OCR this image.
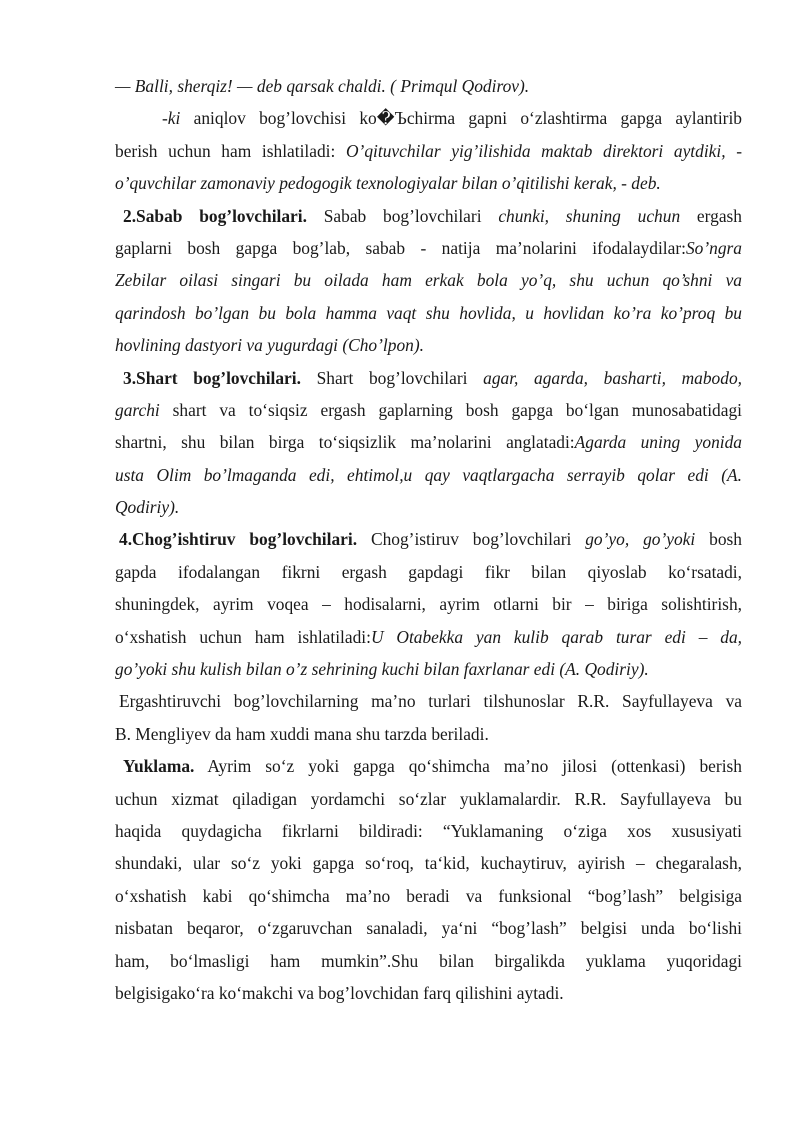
— Balli, sherqiz! — deb qarsak chaldi. ( Primqul Qodirov).
-ki aniqlov bog’lovchisi ko�Ъchirma gapni o‘zlashtirma gapga aylantirib
berish uchun ham ishlatiladi: O’qituvchilar yig’ilishida maktab direktori aytdiki, -
o’quvchilar zamonaviy pedogogik texnologiyalar bilan o’qitilishi kerak, - deb.
2.Sabab bog’lovchilari. Sabab bog’lovchilari chunki, shuning uchun ergash
gaplarni bosh gapga bog’lab, sabab - natija ma’nolarini ifodalaydilar:So’ngra
Zebilar oilasi singari bu oilada ham erkak bola yo’q, shu uchun qo’shni va
qarindosh bo’lgan bu bola hamma vaqt shu hovlida, u hovlidan ko’ra ko’proq bu
hovlining dastyori va yugurdagi (Cho’lpon).
3.Shart bog’lovchilari. Shart bog’lovchilari agar, agarda, basharti, mabodo,
garchi shart va to‘siqsiz ergash gaplarning bosh gapga bo‘lgan munosabatidagi
shartni, shu bilan birga to‘siqsizlik ma’nolarini anglatadi:Agarda uning yonida
usta Olim bo’lmaganda edi, ehtimol,u qay vaqtlargacha serrayib qolar edi (A.
Qodiriy).
4.Chog’ishtiruv bog’lovchilari. Chog’istiruv bog’lovchilari go’yo, go’yoki bosh
gapda ifodalangan fikrni ergash gapdagi fikr bilan qiyoslab ko‘rsatadi,
shuningdek, ayrim voqea – hodisalarni, ayrim otlarni bir – biriga solishtirish,
o‘xshatish uchun ham ishlatiladi:U Otabekka yan kulib qarab turar edi – da,
go’yoki shu kulish bilan o’z sehrining kuchi bilan faxrlanar edi (A. Qodiriy).
Ergashtiruvchi bog’lovchilarning ma’no turlari tilshunoslar R.R. Sayfullayeva va
B. Mengliyev da ham xuddi mana shu tarzda beriladi.
Yuklama. Ayrim so‘z yoki gapga qo‘shimcha ma’no jilosi (ottenkasi) berish
uchun xizmat qiladigan yordamchi so‘zlar yuklamalardir. R.R. Sayfullayeva bu
haqida quydagicha fikrlarni bildiradi: “Yuklamaning o‘ziga xos xususiyati
shundaki, ular so‘z yoki gapga so‘roq, ta‘kid, kuchaytiruv, ayirish – chegaralash,
o‘xshatish kabi qo‘shimcha ma’no beradi va funksional “bog’lash” belgisiga
nisbatan beqaror, o‘zgaruvchan sanaladi, ya‘ni “bog’lash” belgisi unda bo‘lishi
ham, bo‘lmasligi ham mumkin”.Shu bilan birgalikda yuklama yuqoridagi
belgisigako‘ra ko‘makchi va bog’lovchidan farq qilishini aytadi.
